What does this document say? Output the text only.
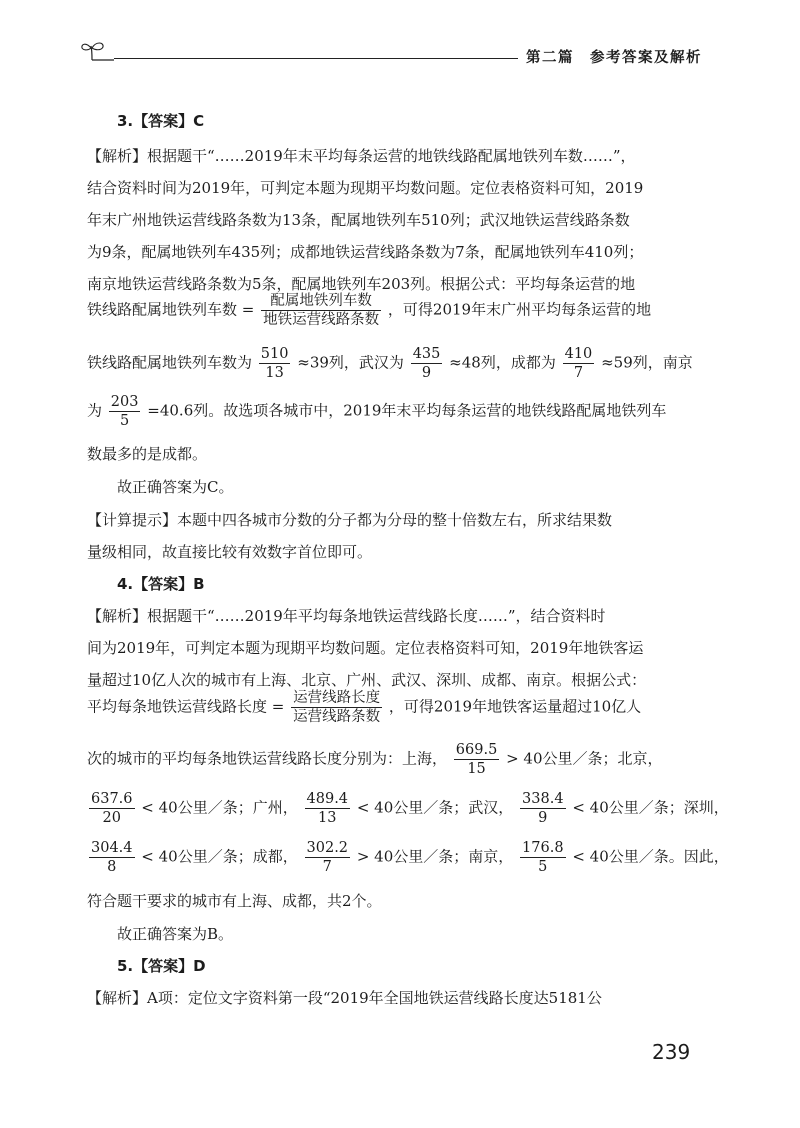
第二篇　参考答案及解析
3.【答案】C
【解析】根据题干“……2019年末平均每条运营的地铁线路配属地铁列车数……”，
结合资料时间为2019年，可判定本题为现期平均数问题。定位表格资料可知，2019
年末广州地铁运营线路条数为13条，配属地铁列车510列；武汉地铁运营线路条数
为9条，配属地铁列车435列；成都地铁运营线路条数为7条，配属地铁列车410列；
南京地铁运营线路条数为5条，配属地铁列车203列。根据公式：平均每条运营的地
铁线路配属地铁列车数 = $\frac{\text{配属地铁列车数}}{\text{地铁运营线路条数}}$ ，可得2019年末广州平均每条运营的地
铁线路配属地铁列车数为 $\frac{510}{13} \approx 39$列，武汉为 $\frac{435}{9} \approx 48$列，成都为 $\frac{410}{7} \approx 59$列，南京
为 $\frac{203}{5} =40.6$列。故选项各城市中，2019年末平均每条运营的地铁线路配属地铁列车
数最多的是成都。
故正确答案为C。
【计算提示】本题中四各城市分数的分子都为分母的整十倍数左右，所求结果数
量级相同，故直接比较有效数字首位即可。
4.【答案】B
【解析】根据题干“……2019年平均每条地铁运营线路长度……”，结合资料时
间为2019年，可判定本题为现期平均数问题。定位表格资料可知，2019年地铁客运
量超过10亿人次的城市有上海、北京、广州、武汉、深圳、成都、南京。根据公式：
平均每条地铁运营线路长度 = $\frac{\text{运营线路长度}}{\text{运营线路条数}}$ ，可得2019年地铁客运量超过10亿人
次的城市的平均每条地铁运营线路长度分别为：上海， $\frac{669.5}{15} > 40$公里／条；北京，
$\frac{637.6}{20} < 40$公里／条；广州， $\frac{489.4}{13} < 40$公里／条；武汉， $\frac{338.4}{9} < 40$公里／条；深圳，
$\frac{304.4}{8} < 40$公里／条；成都， $\frac{302.2}{7} > 40$公里／条；南京， $\frac{176.8}{5} < 40$公里／条。因此，
符合题干要求的城市有上海、成都，共2个。
故正确答案为B。
5.【答案】D
【解析】A项：定位文字资料第一段“2019年全国地铁运营线路长度达5181公
239
